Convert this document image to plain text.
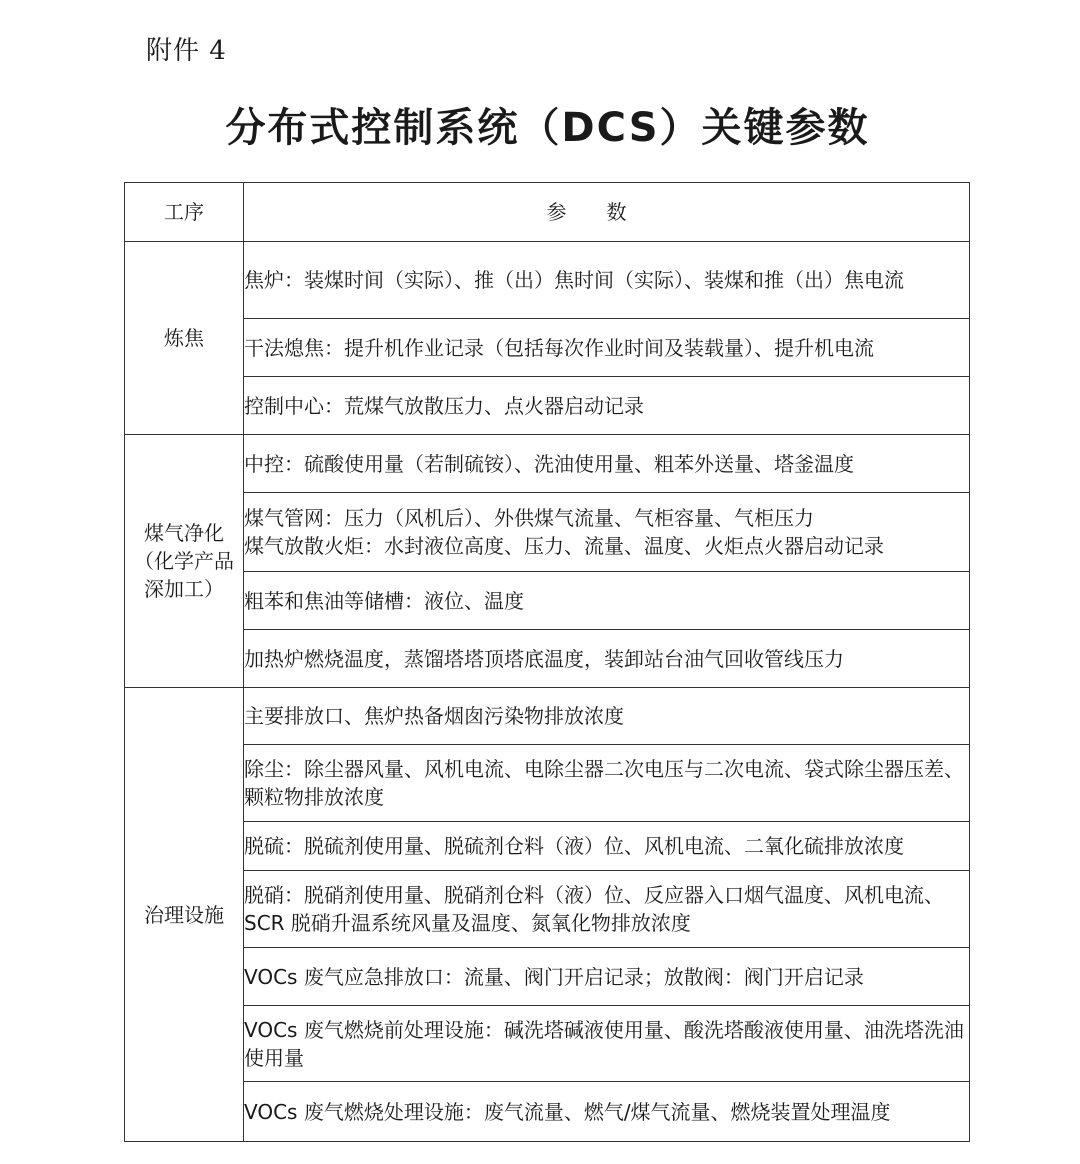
附件 4
分布式控制系统（DCS）关键参数
工序	参数
炼焦	焦炉：装煤时间（实际）、推（出）焦时间（实际）、装煤和推（出）焦电流

	干法熄焦：提升机作业记录（包括每次作业时间及装载量）、提升机电流

	控制中心：荒煤气放散压力、点火器启动记录

煤气净化（化学产品深加工）	中控：硫酸使用量（若制硫铵）、洗油使用量、粗苯外送量、塔釜温度

	煤气管网：压力（风机后）、外供煤气流量、气柜容量、气柜压力
煤气放散火炬：水封液位高度、压力、流量、温度、火炬点火器启动记录

	粗苯和焦油等储槽：液位、温度

	加热炉燃烧温度，蒸馏塔塔顶塔底温度，装卸站台油气回收管线压力

治理设施	主要排放口、焦炉热备烟囱污染物排放浓度

	除尘：除尘器风量、风机电流、电除尘器二次电压与二次电流、袋式除尘器压差、颗粒物排放浓度

	脱硫：脱硫剂使用量、脱硫剂仓料（液）位、风机电流、二氧化硫排放浓度

	脱硝：脱硝剂使用量、脱硝剂仓料（液）位、反应器入口烟气温度、风机电流、SCR 脱硝升温系统风量及温度、氮氧化物排放浓度

	VOCs 废气应急排放口：流量、阀门开启记录；放散阀：阀门开启记录

	VOCs 废气燃烧前处理设施：碱洗塔碱液使用量、酸洗塔酸液使用量、油洗塔洗油使用量

	VOCs 废气燃烧处理设施：废气流量、燃气/煤气流量、燃烧装置处理温度
